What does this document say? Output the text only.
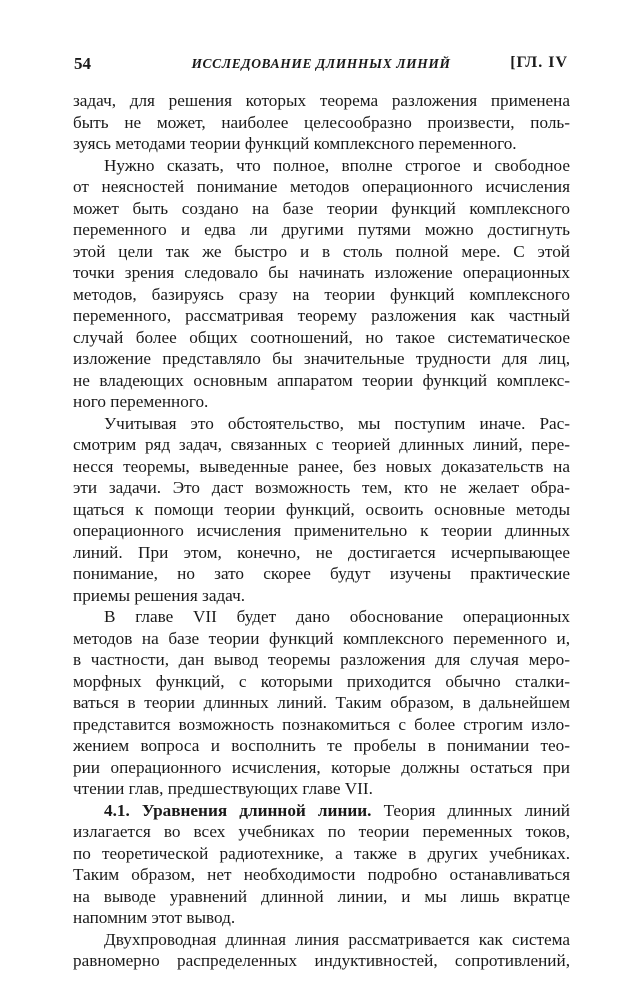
54	ИССЛЕДОВАНИЕ ДЛИННЫХ ЛИНИЙ	[ГЛ. IV
задач, для решения которых теорема разложения применена
быть не может, наиболее целесообразно произвести, поль-
зуясь методами теории функций комплексного переменного.
Нужно сказать, что полное, вполне строгое и свободное
от неясностей понимание методов операционного исчисления
может быть создано на базе теории функций комплексного
переменного и едва ли другими путями можно достигнуть
этой цели так же быстро и в столь полной мере. С этой
точки зрения следовало бы начинать изложение операционных
методов, базируясь сразу на теории функций комплексного
переменного, рассматривая теорему разложения как частный
случай более общих соотношений, но такое систематическое
изложение представляло бы значительные трудности для лиц,
не владеющих основным аппаратом теории функций комплекс-
ного переменного.
Учитывая это обстоятельство, мы поступим иначе. Рас-
смотрим ряд задач, связанных с теорией длинных линий, пере-
несся теоремы, выведенные ранее, без новых доказательств на
эти задачи. Это даст возможность тем, кто не желает обра-
щаться к помощи теории функций, освоить основные методы
операционного исчисления применительно к теории длинных
линий. При этом, конечно, не достигается исчерпывающее
понимание, но зато скорее будут изучены практические
приемы решения задач.
В главе VII будет дано обоснование операционных
методов на базе теории функций комплексного переменного и,
в частности, дан вывод теоремы разложения для случая меро-
морфных функций, с которыми приходится обычно сталки-
ваться в теории длинных линий. Таким образом, в дальнейшем
представится возможность познакомиться с более строгим изло-
жением вопроса и восполнить те пробелы в понимании тео-
рии операционного исчисления, которые должны остаться при
чтении глав, предшествующих главе VII.
4.1. Уравнения длинной линии. Теория длинных линий
излагается во всех учебниках по теории переменных токов,
по теоретической радиотехнике, а также в других учебниках.
Таким образом, нет необходимости подробно останавливаться
на выводе уравнений длинной линии, и мы лишь вкратце
напомним этот вывод.
Двухпроводная длинная линия рассматривается как система
равномерно распределенных индуктивностей, сопротивлений,
